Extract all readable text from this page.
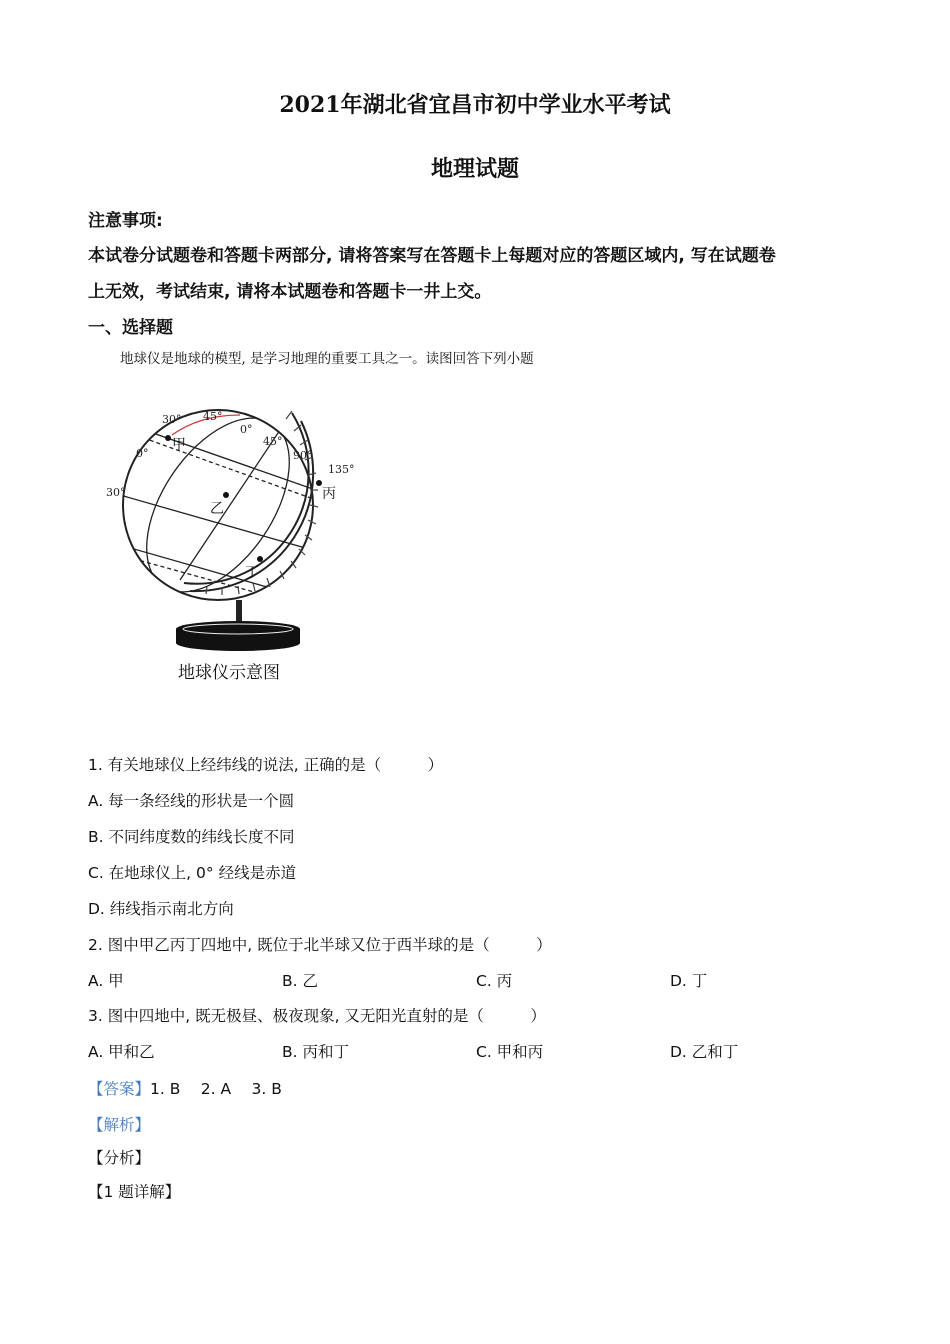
2021年湖北省宜昌市初中学业水平考试
地理试题
注意事项:
本试卷分试题卷和答题卡两部分, 请将答案写在答题卡上每题对应的答题区域内, 写在试题卷
上无效，考试结束, 请将本试题卷和答题卡一井上交。
一、选择题
地球仪是地球的模型, 是学习地理的重要工具之一。读图回答下列小题
30° 45°
0°
45°
90°
135°
0°
30°
甲
乙
丙
丁
地球仪示意图
1. 有关地球仪上经纬线的说法, 正确的是（　　　）
A. 每一条经线的形状是一个圆
B. 不同纬度数的纬线长度不同
C. 在地球仪上, 0° 经线是赤道
D. 纬线指示南北方向
2. 图中甲乙丙丁四地中, 既位于北半球又位于西半球的是（　　　）
A. 甲	B. 乙	C. 丙	D. 丁
3. 图中四地中, 既无极昼、极夜现象, 又无阳光直射的是（　　　）
A. 甲和乙	B. 丙和丁	C. 甲和丙	D. 乙和丁
【答案】1. B　 2. A　 3. B
【解析】
【分析】
【1 题详解】
